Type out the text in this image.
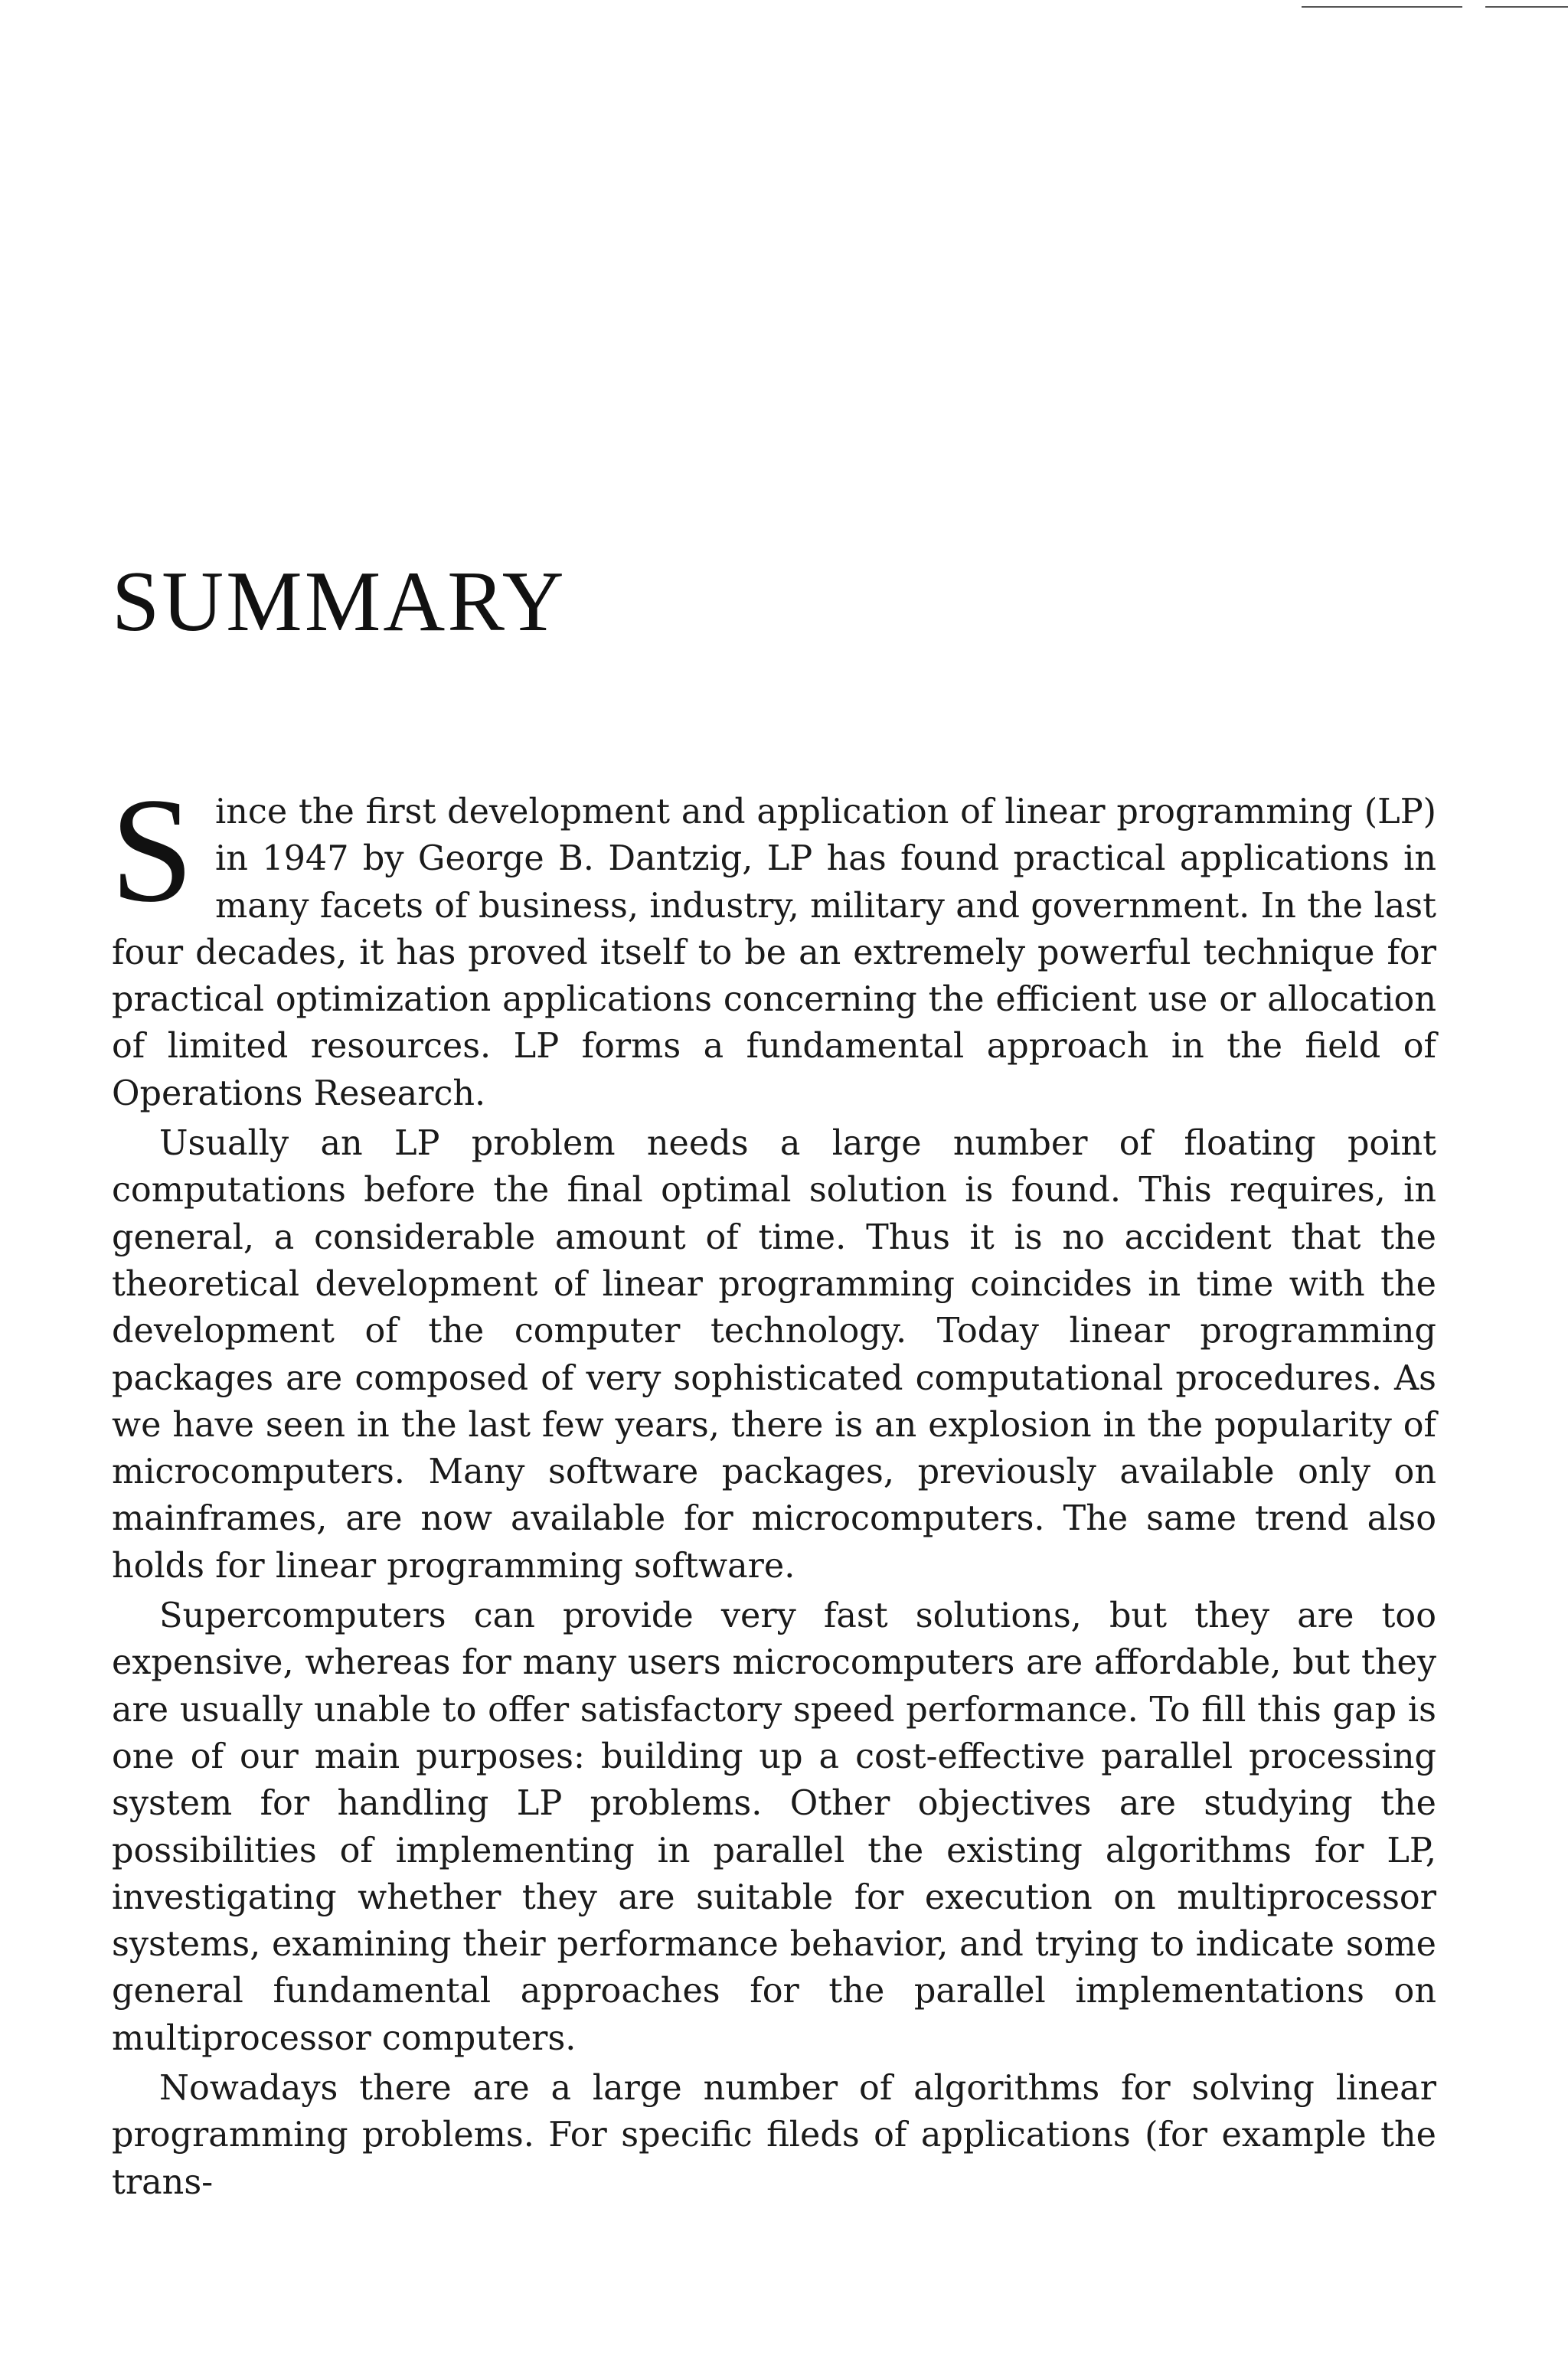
SUMMARY

Since the first development and application of linear programming (LP) in 1947 by George B. Dantzig, LP has found practical applications in many facets of business, industry, military and government. In the last four decades, it has proved itself to be an extremely powerful technique for practical optimization applications concerning the efficient use or allocation of limited resources. LP forms a fundamental approach in the field of Operations Research.

Usually an LP problem needs a large number of floating point computations before the final optimal solution is found. This requires, in general, a considerable amount of time. Thus it is no accident that the theoretical development of linear programming coincides in time with the development of the computer technology. Today linear programming packages are composed of very sophisticated computational procedures. As we have seen in the last few years, there is an explosion in the popularity of microcomputers. Many software packages, previously available only on mainframes, are now available for microcomputers. The same trend also holds for linear programming software.

Supercomputers can provide very fast solutions, but they are too expensive, whereas for many users microcomputers are affordable, but they are usually unable to offer satisfactory speed performance. To fill this gap is one of our main purposes: building up a cost-effective parallel processing system for handling LP problems. Other objectives are studying the possibilities of implementing in parallel the existing algorithms for LP, investigating whether they are suitable for execution on multiprocessor systems, examining their performance behavior, and trying to indicate some general fundamental approaches for the parallel implementations on multiprocessor computers.

Nowadays there are a large number of algorithms for solving linear programming problems. For specific fileds of applications (for example the trans-
